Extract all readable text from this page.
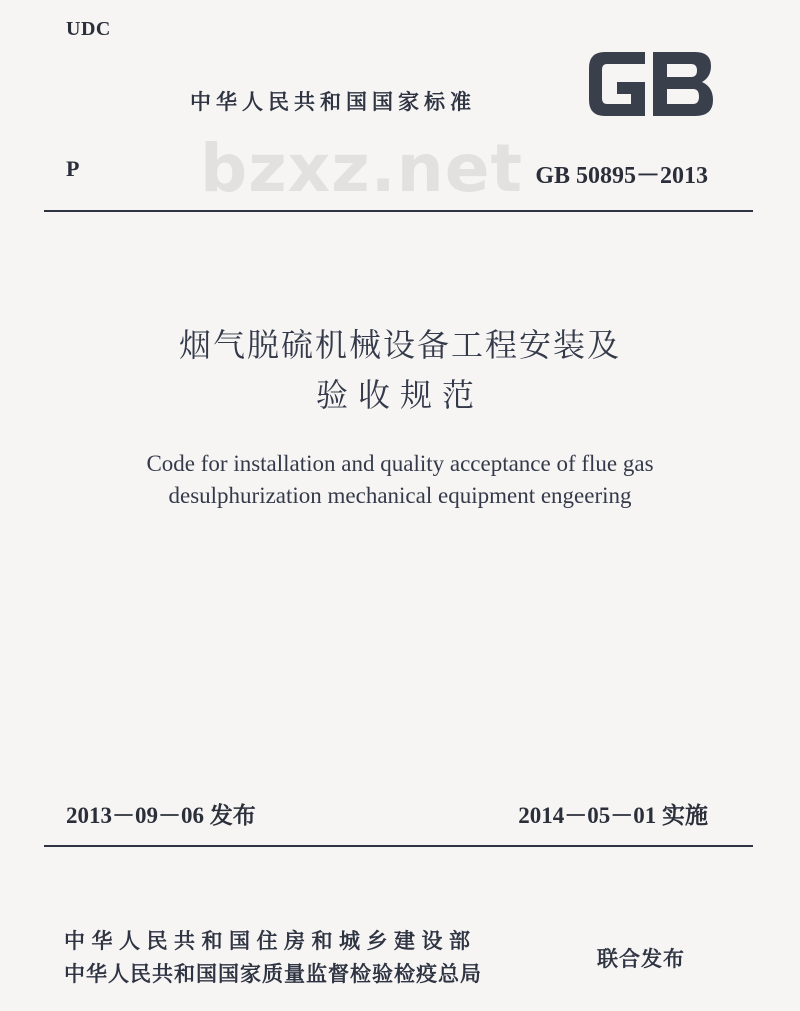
bzxz.net
UDC
中华人民共和国国家标准
P	GB 50895－2013
烟气脱硫机械设备工程安装及
验收规范
Code for installation and quality acceptance of flue gas
desulphurization mechanical equipment engeering
2013－09－06 发布	2014－05－01 实施
中华人民共和国住房和城乡建设部
中华人民共和国国家质量监督检验检疫总局
联合发布
